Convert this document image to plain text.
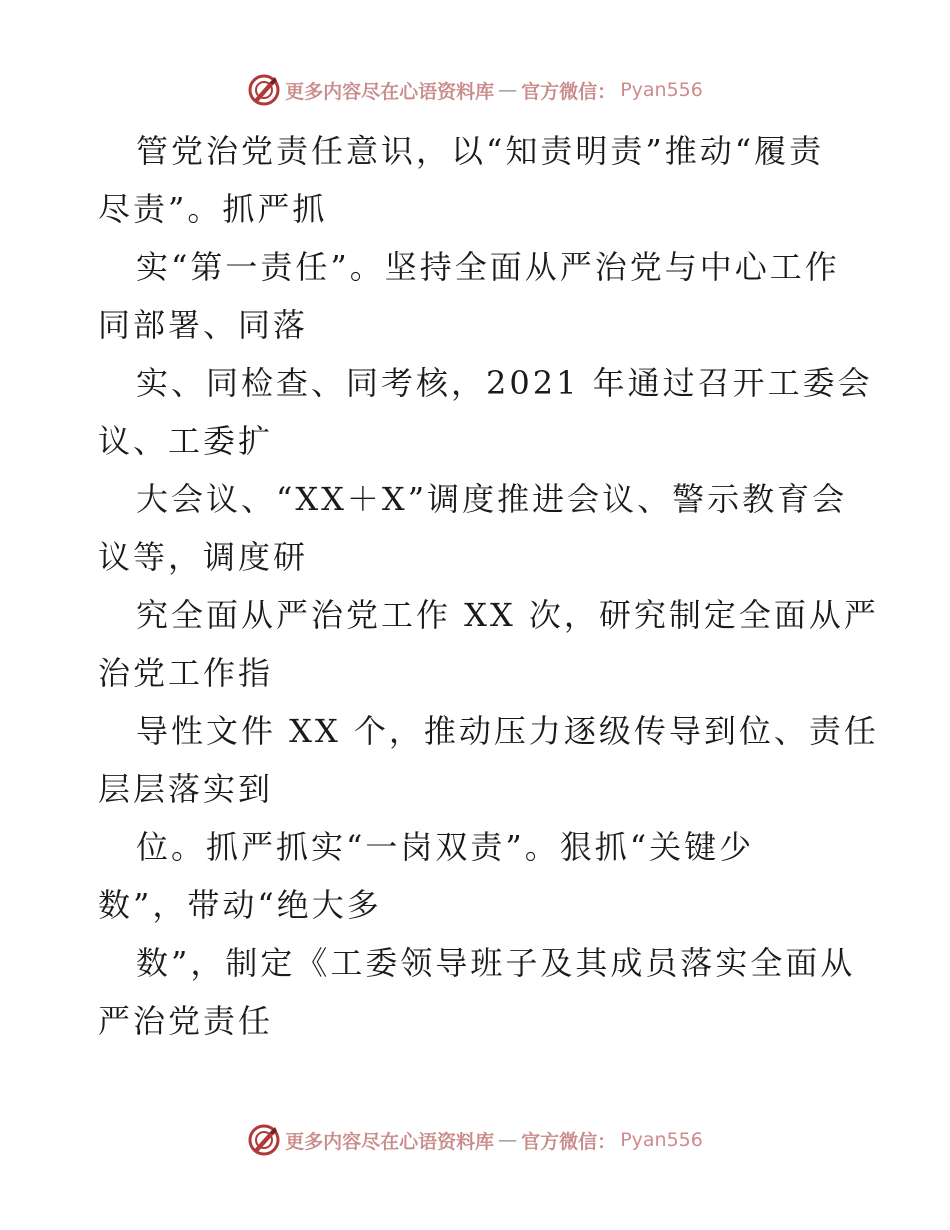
更多内容尽在心语资料库 — 官方微信： Pyan556
管党治党责任意识，以“知责明责”推动“履责
尽责”。抓严抓
实“第一责任”。坚持全面从严治党与中心工作
同部署、同落
实、同检查、同考核，2021 年通过召开工委会
议、工委扩
大会议、“XX＋X”调度推进会议、警示教育会
议等，调度研
究全面从严治党工作 XX 次，研究制定全面从严
治党工作指
导性文件 XX 个，推动压力逐级传导到位、责任
层层落实到
位。抓严抓实“一岗双责”。狠抓“关键少
数”，带动“绝大多
数”，制定《工委领导班子及其成员落实全面从
严治党责任
更多内容尽在心语资料库 — 官方微信： Pyan556
